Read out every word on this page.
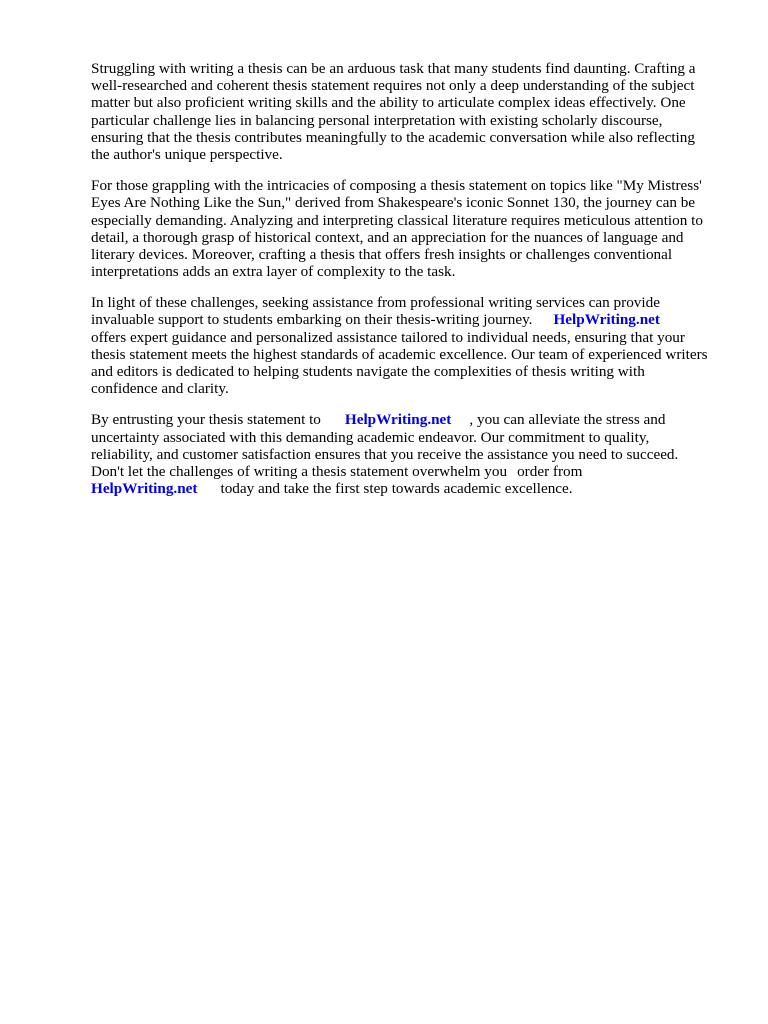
Struggling with writing a thesis can be an arduous task that many students find daunting. Crafting a
well-researched and coherent thesis statement requires not only a deep understanding of the subject
matter but also proficient writing skills and the ability to articulate complex ideas effectively. One
particular challenge lies in balancing personal interpretation with existing scholarly discourse,
ensuring that the thesis contributes meaningfully to the academic conversation while also reflecting
the author's unique perspective.
For those grappling with the intricacies of composing a thesis statement on topics like "My Mistress'
Eyes Are Nothing Like the Sun," derived from Shakespeare's iconic Sonnet 130, the journey can be
especially demanding. Analyzing and interpreting classical literature requires meticulous attention to
detail, a thorough grasp of historical context, and an appreciation for the nuances of language and
literary devices. Moreover, crafting a thesis that offers fresh insights or challenges conventional
interpretations adds an extra layer of complexity to the task.
In light of these challenges, seeking assistance from professional writing services can provide
invaluable support to students embarking on their thesis-writing journey. HelpWriting.net
offers expert guidance and personalized assistance tailored to individual needs, ensuring that your
thesis statement meets the highest standards of academic excellence. Our team of experienced writers
and editors is dedicated to helping students navigate the complexities of thesis writing with
confidence and clarity.
By entrusting your thesis statement to HelpWriting.net , you can alleviate the stress and
uncertainty associated with this demanding academic endeavor. Our commitment to quality,
reliability, and customer satisfaction ensures that you receive the assistance you need to succeed.
Don't let the challenges of writing a thesis statement overwhelm you order from
HelpWriting.net today and take the first step towards academic excellence.
